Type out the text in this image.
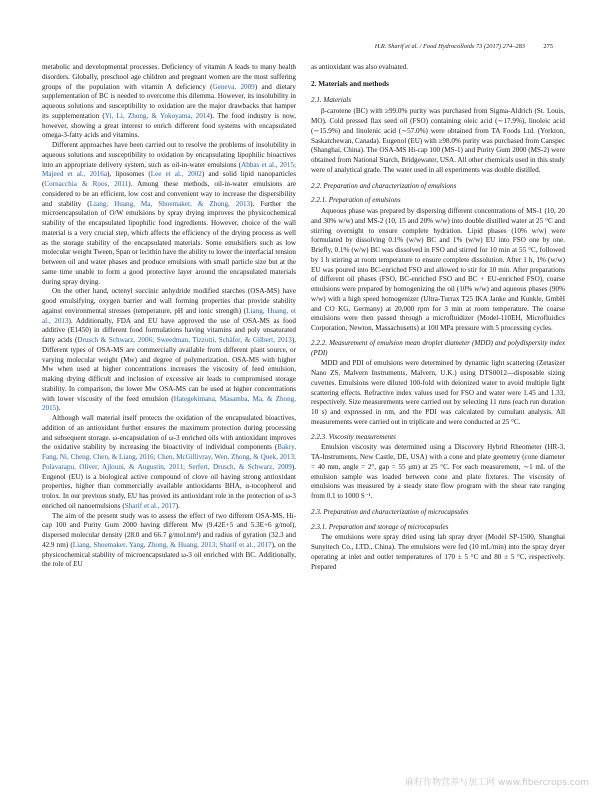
H.R. Sharif et al. / Food Hydrocolloids 73 (2017) 274–283	275

metabolic and developmental processes. Deficiency of vitamin A leads to many health disorders. Globally, preschool age children and pregnant women are the most suffering groups of the population with vitamin A deficiency (Geneva, 2009) and dietary supplementation of BC is needed to overcome this dilemma. However, its insolubility in aqueous solutions and susceptibility to oxidation are the major drawbacks that hamper its supplementation (Yi, Li, Zhong, & Yokoyama, 2014). The food industry is now, however, showing a great interest to enrich different food systems with encapsulated omega-3-fatty acids and vitamins.

Different approaches have been carried out to resolve the problems of insolubility in aqueous solutions and susceptibility to oxidation by encapsulating lipophilic bioactives into an appropriate delivery system, such as oil-in-water emulsions (Abbas et al., 2015; Majeed et al., 2016a), liposomes (Lee et al., 2002) and solid lipid nanoparticles (Cornacchia & Roos, 2011). Among these methods, oil-in-water emulsions are considered to be an efficient, low cost and convenient way to increase the dispersibility and stability (Liang, Huang, Ma, Shoemaker, & Zhong, 2013). Further the microencapsulation of O/W emulsions by spray drying improves the physicochemical stability of the encapsulated lipophilic food ingredients. However, choice of the wall material is a very crucial step, which affects the efficiency of the drying process as well as the storage stability of the encapsulated materials. Some emulsifiers such as low molecular weight Tween, Span or lecithin have the ability to lower the interfacial tension between oil and water phases and produce emulsions with small particle size but at the same time unable to form a good protective layer around the encapsulated materials during spray drying.

On the other hand, octenyl succinic anhydride modified starches (OSA-MS) have good emulsifying, oxygen barrier and wall forming properties that provide stability against environmental stresses (temperature, pH and ionic strength) (Liang, Huang, et al., 2013). Additionally, FDA and EU have approved the use of OSA-MS as food additive (E1450) in different food formulations having vitamins and poly unsaturated fatty acids (Drusch & Schwarz, 2006; Sweedman, Tizzotti, Schäfer, & Gilbert, 2013). Different types of OSA-MS are commercially available from different plant source, or varying molecular weight (Mw) and degree of polymerization. OSA-MS with higher Mw when used at higher concentrations increases the viscosity of feed emulsion, making drying difficult and inclusion of excessive air leads to compromised storage stability. In comparison, the lower Mw OSA-MS can be used at higher concentrations with lower viscosity of the feed emulsion (Hategekimana, Masamba, Ma, & Zhong, 2015).

Although wall material itself protects the oxidation of the encapsulated bioactives, addition of an antioxidant further ensures the maximum protection during processing and subsequent storage. ω-encapsulation of ω-3 enriched oils with antioxidant improves the oxidative stability by increasing the bioactivity of individual components (Bakry, Fang, Ni, Cheng, Chen, & Liang, 2016; Chen, McGillivray, Wen, Zhong, & Quek, 2013; Polavarapu, Oliver, Ajlouni, & Augustin, 2011; Serfert, Drusch, & Schwarz, 2009). Eugenol (EU) is a biological active compound of clove oil having strong antioxidant properties, higher than commercially available antioxidants BHA, α-tocopherol and trolox. In our previous study, EU has proved its antioxidant role in the protection of ω-3 enriched oil nanoemulsions (Sharif et al., 2017).

The aim of the present study was to assess the effect of two different OSA-MS, Hi-cap 100 and Purity Gum 2000 having different Mw (9.42E+5 and 5.3E+6 g/mol), dispersed molecular density (28.0 and 66.7 g/mol.nm³) and radius of gyration (32.3 and 42.9 nm) (Liang, Shoemaker, Yang, Zhong, & Huang, 2013; Sharif et al., 2017), on the physicochemical stability of microencapsulated ω-3 oil enriched with BC. Additionally, the role of EU

as antioxidant was also evaluated.

2. Materials and methods
2.1. Materials

β-carotene (BC) with ≥99.0% purity was purchased from Sigma-Aldrich (St. Louis, MO). Cold pressed flax seed oil (FSO) containing oleic acid (∼17.9%), linoleic acid (∼15.9%) and linolenic acid (∼57.0%) were obtained from TA Foods Ltd. (Yorkton, Saskatchewan, Canada). Eugenol (EU) with ≥98.0% purity was purchased from Canspec (Shanghai, China). The OSA-MS Hi-cap 100 (MS-1) and Purity Gum 2000 (MS-2) were obtained from National Starch, Bridgewater, USA. All other chemicals used in this study were of analytical grade. The water used in all experiments was double distilled.

2.2. Preparation and characterization of emulsions
2.2.1. Preparation of emulsions

Aqueous phase was prepared by dispersing different concentrations of MS-1 (10, 20 and 30% w/w) and MS-2 (10, 15 and 20% w/w) into double distilled water at 25 °C and stirring overnight to ensure complete hydration. Lipid phases (10% w/w) were formulated by dissolving 0.1% (w/w) BC and 1% (w/w) EU into FSO one by one. Briefly, 0.1% (w/w) BC was dissolved in FSO and stirred for 10 min at 55 °C, followed by 1 h stirring at room temperature to ensure complete dissolution. After 1 h, 1% (w/w) EU was poured into BC-enriched FSO and allowed to stir for 10 min. After preparations of different oil phases (FSO, BC-enriched FSO and BC + EU-enriched FSO), coarse emulsions were prepared by homogenizing the oil (10% w/w) and aqueous phases (90% w/w) with a high speed homogenizer (Ultra-Turrax T25 IKA Janke and Kunkle, GmbH and CO KG, Germany) at 20,000 rpm for 3 min at room temperature. The coarse emulsions were then passed through a microfluidizer (Model-110EH, Microfluidics Corporation, Newton, Massachusetts) at 100 MPa pressure with 5 processing cycles.

2.2.2. Measurement of emulsion mean droplet diameter (MDD) and polydispersity index (PDI)

MDD and PDI of emulsions were determined by dynamic light scattering (Zetasizer Nano ZS, Malvern Instruments, Malvern, U.K.) using DTS0012—disposable sizing cuvettes. Emulsions were diluted 100-fold with deionized water to avoid multiple light scattering effects. Refractive index values used for FSO and water were 1.45 and 1.33, respectively. Size measurements were carried out by selecting 11 runs (each run duration 10 s) and expressed in nm, and the PDI was calculated by cumulant analysis. All measurements were carried out in triplicate and were conducted at 25 °C.

2.2.3. Viscosity measurements

Emulsion viscosity was determined using a Discovery Hybrid Rheometer (HR-3, TA-Instruments, New Castle, DE, USA) with a cone and plate geometry (cone diameter = 40 mm, angle = 2°, gap = 55 μm) at 25 °C. For each measurement, ∼1 mL of the emulsion sample was loaded between cone and plate fixtures. The viscosity of emulsions was measured by a steady state flow program with the shear rate ranging from 0.1 to 1000 S⁻¹.

2.3. Preparation and characterization of microcapsules
2.3.1. Preparation and storage of microcapsules

The emulsions were spray dried using lab spray dryer (Model SP-1500, Shanghai Sunyitech Co., LTD., China). The emulsions were fed (10 mL/min) into the spray dryer operating at inlet and outlet temperatures of 170 ± 5 °C and 80 ± 5 °C, respectively. Prepared

麻籽作物营养与加工网 www.fibercrops.com
